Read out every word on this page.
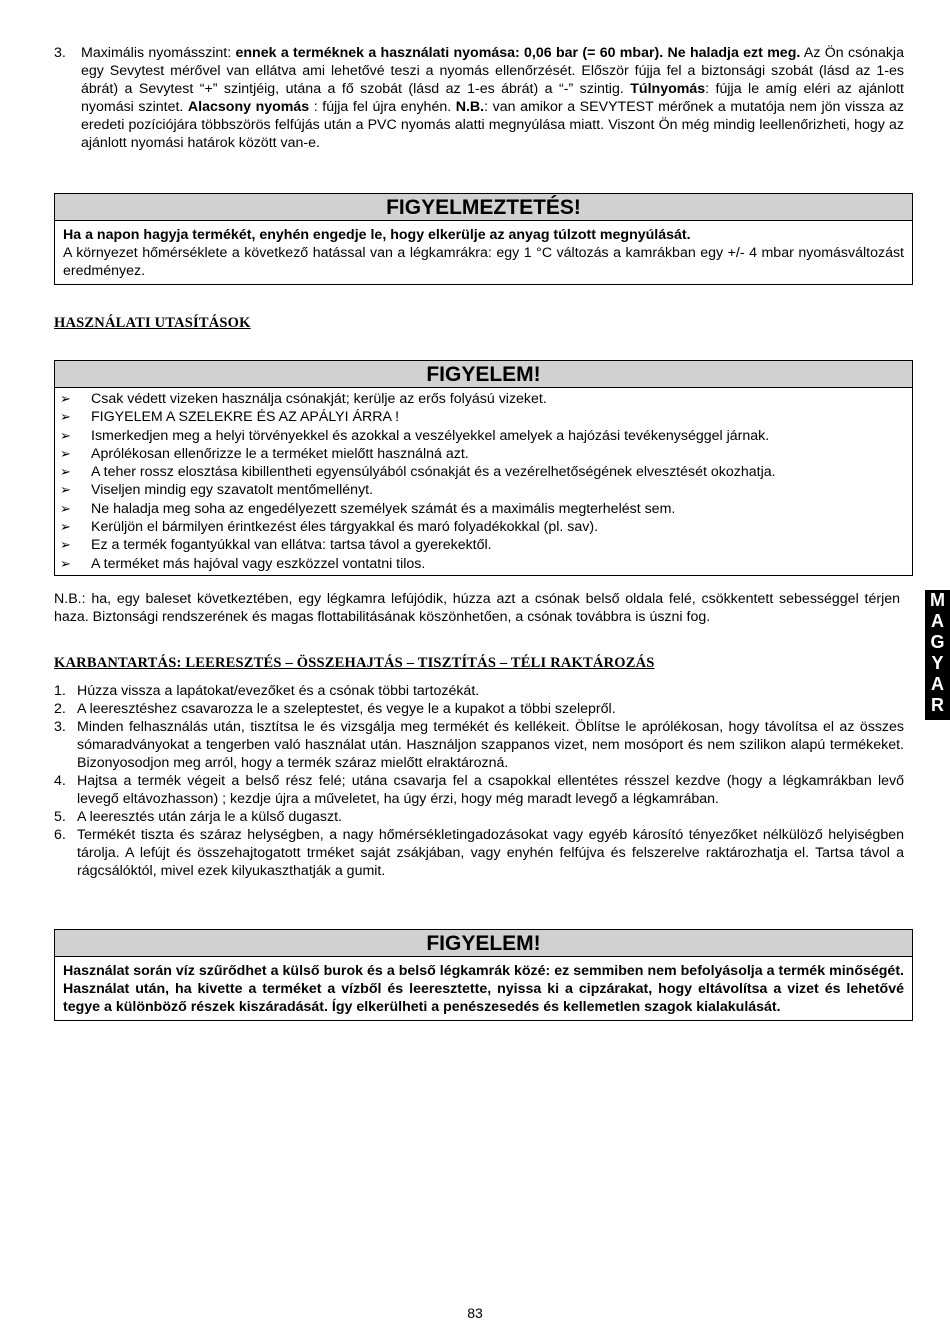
3. Maximális nyomásszint: ennek a terméknek a használati nyomása: 0,06 bar (= 60 mbar). Ne haladja ezt meg. Az Ön csónakja egy Sevytest mérővel van ellátva ami lehetővé teszi a nyomás ellenőrzését. Először fújja fel a biztonsági szobát (lásd az 1-es ábrát) a Sevytest “+” szintjéig, utána a fő szobát (lásd az 1-es ábrát) a “-” szintig. Túlnyomás: fújja le amíg eléri az ajánlott nyomási szintet. Alacsony nyomás : fújja fel újra enyhén. N.B.: van amikor a SEVYTEST mérőnek a mutatója nem jön vissza az eredeti pozíciójára többszörös felfújás után a PVC nyomás alatti megnyúlása miatt. Viszont Ön még mindig leellenőrizheti, hogy az ajánlott nyomási határok között van-e.
FIGYELMEZTETÉS!
Ha a napon hagyja termékét, enyhén engedje le, hogy elkerülje az anyag túlzott megnyúlását.
A környezet hőmérséklete a következő hatással van a légkamrákra: egy 1 °C változás a kamrákban egy +/- 4 mbar nyomásváltozást eredményez.
HASZNÁLATI UTASÍTÁSOK
FIGYELEM!
➢ Csak védett vizeken használja csónakját; kerülje az erős folyású vizeket.
➢ FIGYELEM A SZELEKRE ÉS AZ APÁLYI ÁRRA !
➢ Ismerkedjen meg a helyi törvényekkel és azokkal a veszélyekkel amelyek a hajózási tevékenységgel járnak.
➢ Aprólékosan ellenőrizze le a terméket mielőtt használná azt.
➢ A teher rossz elosztása kibillentheti egyensúlyából csónakját és a vezérelhetőségének elvesztését okozhatja.
➢ Viseljen mindig egy szavatolt mentőmellényt.
➢ Ne haladja meg soha az engedélyezett személyek számát és a maximális megterhelést sem.
➢ Kerüljön el bármilyen érintkezést éles tárgyakkal és maró folyadékokkal (pl. sav).
➢ Ez a termék fogantyúkkal van ellátva: tartsa távol a gyerekektől.
➢ A terméket más hajóval vagy eszközzel vontatni tilos.
N.B.: ha, egy baleset következtében, egy légkamra lefújódik, húzza azt a csónak belső oldala felé, csökkentett sebességgel térjen haza. Biztonsági rendszerének és magas flottabilitásának köszönhetően, a csónak továbbra is úszni fog.
KARBANTARTÁS: LEERESZTÉS – ÖSSZEHAJTÁS – TISZTÍTÁS – TÉLI RAKTÁROZÁS
1. Húzza vissza a lapátokat/evezőket és a csónak többi tartozékát.
2. A leeresztéshez csavarozza le a szeleptestet, és vegye le a kupakot a többi szelepről.
3. Minden felhasználás után, tisztítsa le és vizsgálja meg termékét és kellékeit. Öblítse le aprólékosan, hogy távolítsa el az összes sómaradványokat a tengerben való használat után. Használjon szappanos vizet, nem mosóport és nem szilikon alapú termékeket. Bizonyosodjon meg arról, hogy a termék száraz mielőtt elraktározná.
4. Hajtsa a termék végeit a belső rész felé; utána csavarja fel a csapokkal ellentétes résszel kezdve (hogy a légkamrákban levő levegő eltávozhasson) ; kezdje újra a műveletet, ha úgy érzi, hogy még maradt levegő a légkamrában.
5. A leeresztés után zárja le a külső dugaszt.
6. Termékét tiszta és száraz helységben, a nagy hőmérsékletingadozásokat vagy egyéb károsító tényezőket nélkülöző helyiségben tárolja. A lefújt és összehajtogatott trméket saját zsákjában, vagy enyhén felfújva és felszerelve raktározhatja el. Tartsa távol a rágcsálóktól, mivel ezek kilyukaszthatják a gumit.
FIGYELEM!
Használat során víz szűrődhet a külső burok és a belső légkamrák közé: ez semmiben nem befolyásolja a termék minőségét. Használat után, ha kivette a terméket a vízből és leeresztette, nyissa ki a cipzárakat, hogy eltávolítsa a vizet és lehetővé tegye a különböző részek kiszáradását. Így elkerülheti a penészesedés és kellemetlen szagok kialakulását.
M
A
G
Y
A
R
83
